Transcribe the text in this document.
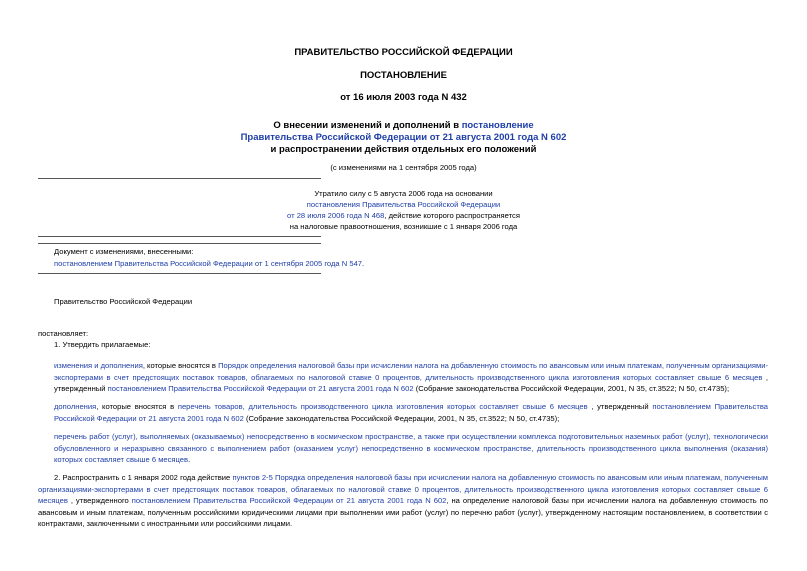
ПРАВИТЕЛЬСТВО РОССИЙСКОЙ ФЕДЕРАЦИИ
ПОСТАНОВЛЕНИЕ
от 16 июля 2003 года N 432
О внесении изменений и дополнений в постановление
Правительства Российской Федерации от 21 августа 2001 года N 602
и распространении действия отдельных его положений
(с изменениями на 1 сентября 2005 года)
Утратило силу с 5 августа 2006 года на основании
постановления Правительства Российской Федерации
от 28 июля 2006 года N 468, действие которого распространяется
на налоговые правоотношения, возникшие с 1 января 2006 года
Документ с изменениями, внесенными:
постановлением Правительства Российской Федерации от 1 сентября 2005 года N 547.
Правительство Российской Федерации
постановляет:
1. Утвердить прилагаемые:
изменения и дополнения, которые вносятся в Порядок определения налоговой базы при исчислении налога на добавленную стоимость по авансовым или иным платежам, полученным организациями-экспортерами в счет предстоящих поставок товаров, облагаемых по налоговой ставке 0 процентов, длительность производственного цикла изготовления которых составляет свыше 6 месяцев , утвержденный постановлением Правительства Российской Федерации от 21 августа 2001 года N 602 (Собрание законодательства Российской Федерации, 2001, N 35, ст.3522; N 50, ст.4735);
дополнения, которые вносятся в перечень товаров, длительность производственного цикла изготовления которых составляет свыше 6 месяцев , утвержденный постановлением Правительства Российской Федерации от 21 августа 2001 года N 602 (Собрание законодательства Российской Федерации, 2001, N 35, ст.3522; N 50, ст.4735);
перечень работ (услуг), выполняемых (оказываемых) непосредственно в космическом пространстве, а также при осуществлении комплекса подготовительных наземных работ (услуг), технологически обусловленного и неразрывно связанного с выполнением работ (оказанием услуг) непосредственно в космическом пространстве, длительность производственного цикла выполнения (оказания) которых составляет свыше 6 месяцев.
2. Распространить с 1 января 2002 года действие пунктов 2-5 Порядка определения налоговой базы при исчислении налога на добавленную стоимость по авансовым или иным платежам, полученным организациями-экспортерами в счет предстоящих поставок товаров, облагаемых по налоговой ставке 0 процентов, длительность производственного цикла изготовления которых составляет свыше 6 месяцев , утвержденного постановлением Правительства Российской Федерации от 21 августа 2001 года N 602, на определение налоговой базы при исчислении налога на добавленную стоимость по авансовым и иным платежам, полученным российскими юридическими лицами при выполнении ими работ (услуг) по перечню работ (услуг), утвержденному настоящим постановлением, в соответствии с контрактами, заключенными с иностранными или российскими лицами.
